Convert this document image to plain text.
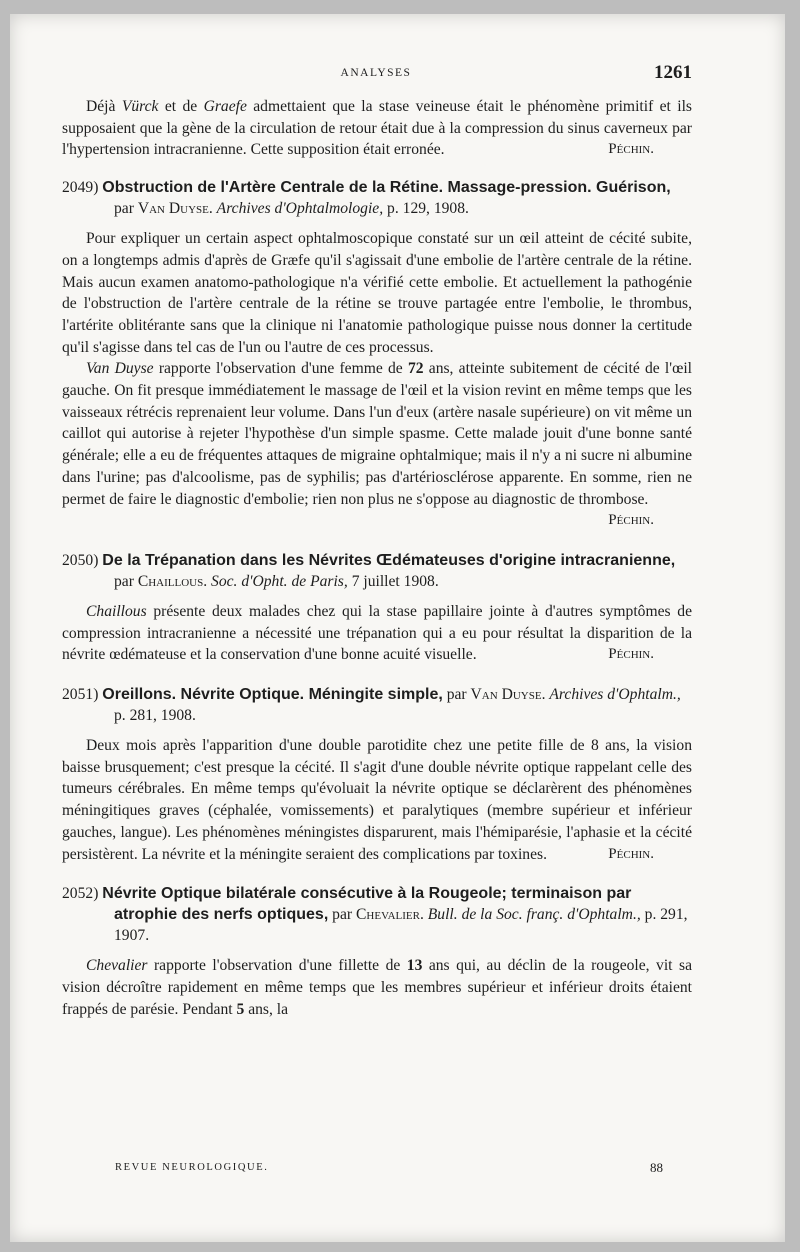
ANALYSES	1261

Déjà Vürck et de Graefe admettaient que la stase veineuse était le phénomène primitif et ils supposaient que la gène de la circulation de retour était due à la compression du sinus caverneux par l'hypertension intracranienne. Cette supposition était erronée.	Péchin.

2049) Obstruction de l'Artère Centrale de la Rétine. Massage-pression. Guérison, par Van Duyse. Archives d'Ophtalmologie, p. 129, 1908.

Pour expliquer un certain aspect ophtalmoscopique constaté sur un œil atteint de cécité subite, on a longtemps admis d'après de Græfe qu'il s'agissait d'une embolie de l'artère centrale de la rétine. Mais aucun examen anatomo-pathologique n'a vérifié cette embolie. Et actuellement la pathogénie de l'obstruction de l'artère centrale de la rétine se trouve partagée entre l'embolie, le thrombus, l'artérite oblitérante sans que la clinique ni l'anatomie pathologique puisse nous donner la certitude qu'il s'agisse dans tel cas de l'un ou l'autre de ces processus.

Van Duyse rapporte l'observation d'une femme de 72 ans, atteinte subitement de cécité de l'œil gauche. On fit presque immédiatement le massage de l'œil et la vision revint en même temps que les vaisseaux rétrécis reprenaient leur volume. Dans l'un d'eux (artère nasale supérieure) on vit même un caillot qui autorise à rejeter l'hypothèse d'un simple spasme. Cette malade jouit d'une bonne santé générale; elle a eu de fréquentes attaques de migraine ophtalmique; mais il n'y a ni sucre ni albumine dans l'urine; pas d'alcoolisme, pas de syphilis; pas d'artériosclérose apparente. En somme, rien ne permet de faire le diagnostic d'embolie; rien non plus ne s'oppose au diagnostic de thrombose.

Péchin.
2050) De la Trépanation dans les Névrites Œdémateuses d'origine intracranienne, par Chaillous. Soc. d'Opht. de Paris, 7 juillet 1908.

Chaillous présente deux malades chez qui la stase papillaire jointe à d'autres symptômes de compression intracranienne a nécessité une trépanation qui a eu pour résultat la disparition de la névrite œdémateuse et la conservation d'une bonne acuité visuelle.	Péchin.

2051) Oreillons. Névrite Optique. Méningite simple, par Van Duyse. Archives d'Ophtalm., p. 281, 1908.

Deux mois après l'apparition d'une double parotidite chez une petite fille de 8 ans, la vision baisse brusquement; c'est presque la cécité. Il s'agit d'une double névrite optique rappelant celle des tumeurs cérébrales. En même temps qu'évoluait la névrite optique se déclarèrent des phénomènes méningitiques graves (céphalée, vomissements) et paralytiques (membre supérieur et inférieur gauches, langue). Les phénomènes méningistes disparurent, mais l'hémiparésie, l'aphasie et la cécité persistèrent. La névrite et la méningite seraient des complications par toxines.	Péchin.

2052) Névrite Optique bilatérale consécutive à la Rougeole; terminaison par atrophie des nerfs optiques, par Chevalier. Bull. de la Soc. franç. d'Ophtalm., p. 291, 1907.

Chevalier rapporte l'observation d'une fillette de 13 ans qui, au déclin de la rougeole, vit sa vision décroître rapidement en même temps que les membres supérieur et inférieur droits étaient frappés de parésie. Pendant 5 ans, la

REVUE NEUROLOGIQUE.	88
